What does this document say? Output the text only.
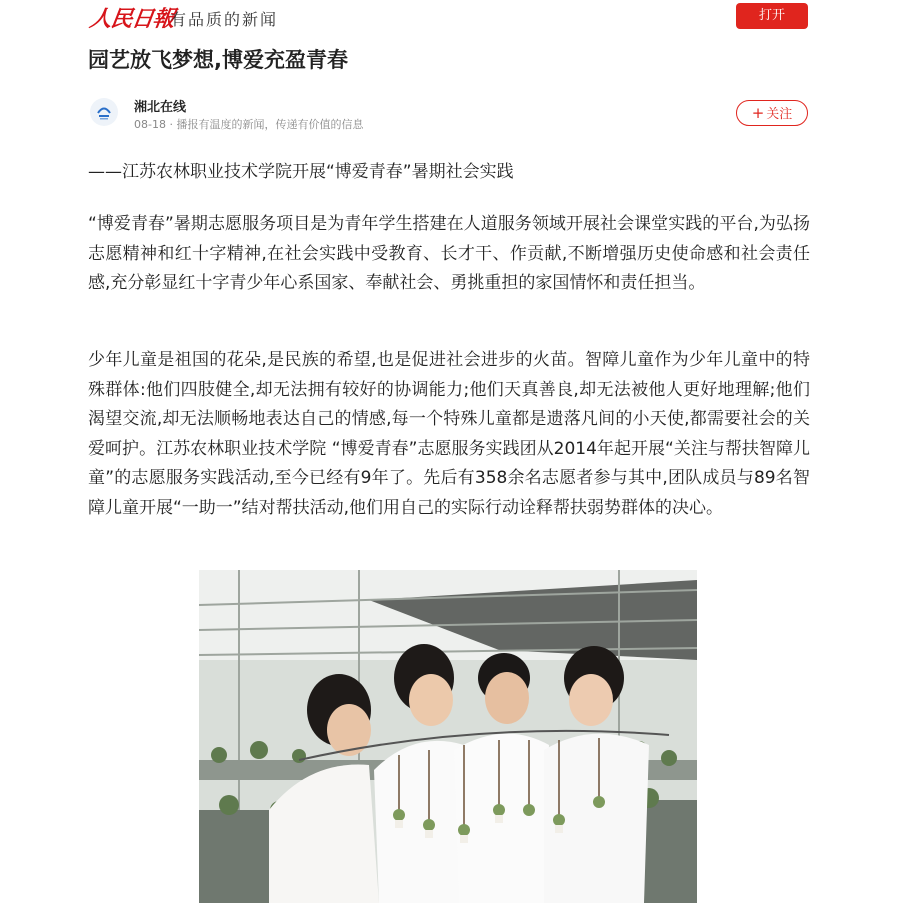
人民日報
有品质的新闻	打开
园艺放飞梦想,博爱充盈青春
湘北在线
08-18 · 播报有温度的新闻，传递有价值的信息
+ 关注

——江苏农林职业技术学院开展“博爱青春”暑期社会实践

“博爱青春”暑期志愿服务项目是为青年学生搭建在人道服务领域开展社会课堂实践的平台,为弘扬志愿精神和红十字精神,在社会实践中受教育、长才干、作贡献,不断增强历史使命感和社会责任感,充分彰显红十字青少年心系国家、奉献社会、勇挑重担的家国情怀和责任担当。

少年儿童是祖国的花朵,是民族的希望,也是促进社会进步的火苗。智障儿童作为少年儿童中的特殊群体:他们四肢健全,却无法拥有较好的协调能力;他们天真善良,却无法被他人更好地理解;他们渴望交流,却无法顺畅地表达自己的情感,每一个特殊儿童都是遗落凡间的小天使,都需要社会的关爱呵护。江苏农林职业技术学院 “博爱青春”志愿服务实践团从2014年起开展“关注与帮扶智障儿童”的志愿服务实践活动,至今已经有9年了。先后有358余名志愿者参与其中,团队成员与89名智障儿童开展“一助一”结对帮扶活动,他们用自己的实际行动诠释帮扶弱势群体的决心。
